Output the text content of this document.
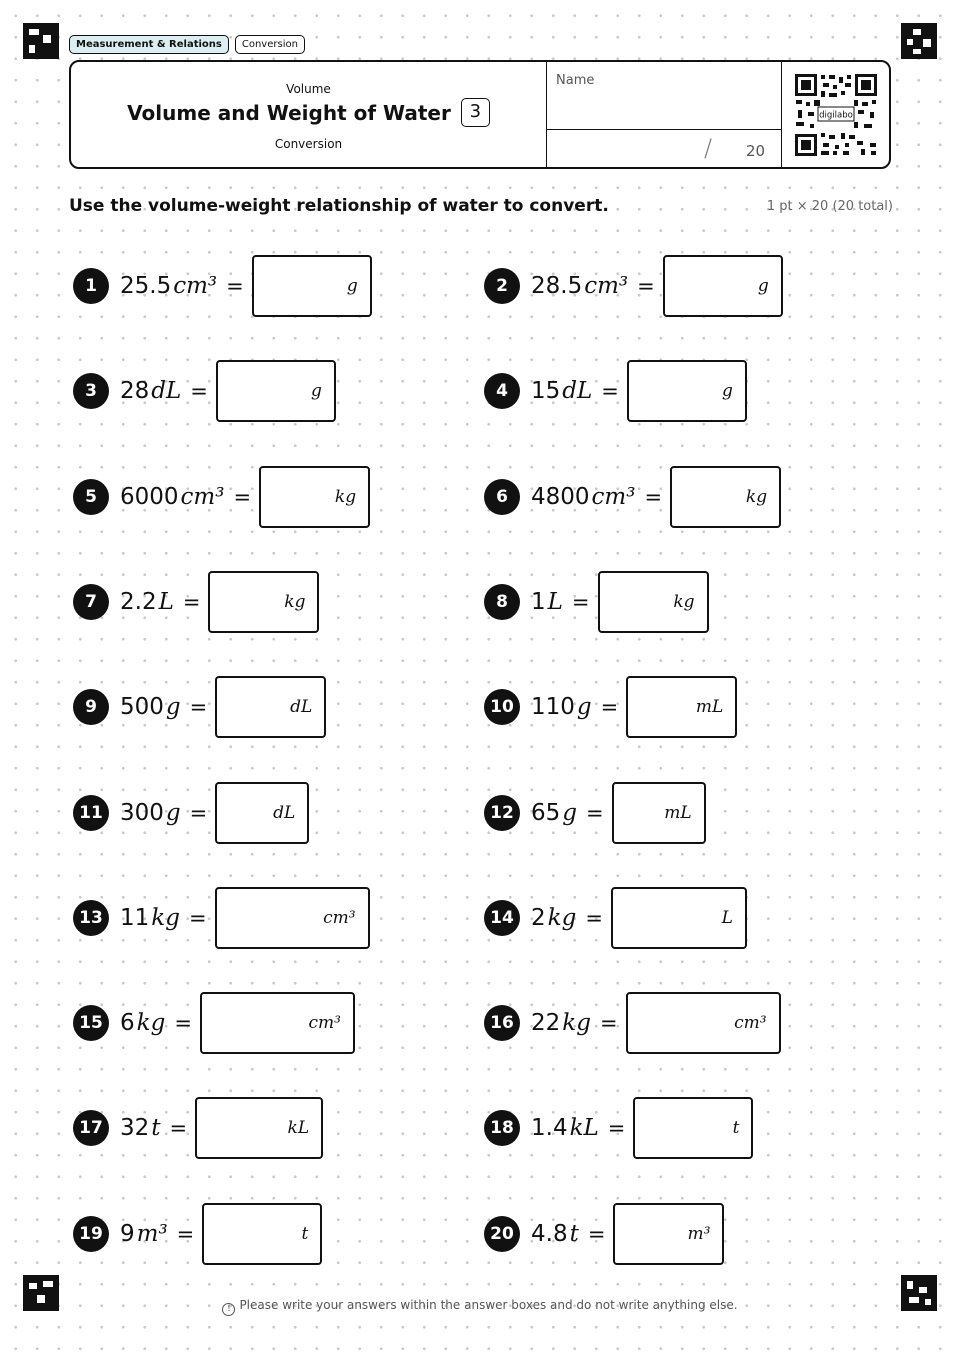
Measurement & Relations	Conversion
Volume
Volume and Weight of Water	3
Conversion
Name
/ 20
digilabo
Use the volume-weight relationship of water to convert.	1 pt × 20 (20 total)
1	25.5 cm³ =	g	2	28.5 cm³ =	g
3	28 dL =	g	4	15 dL =	g
5	6000 cm³ =	kg	6	4800 cm³ =	kg
7	2.2 L =	kg	8	1 L =	kg
9	500 g =	dL	10 110 g =	mL
11 300 g =	dL	12 65 g =	mL
13 11 kg =	cm³	14 2 kg =	L
15 6 kg =	cm³	16 22 kg =	cm³
17 32 t =	kL	18 1.4 kL =	t
19 9 m³ =	t	20 4.8 t =	m³
! Please write your answers within the answer boxes and do not write anything else.
